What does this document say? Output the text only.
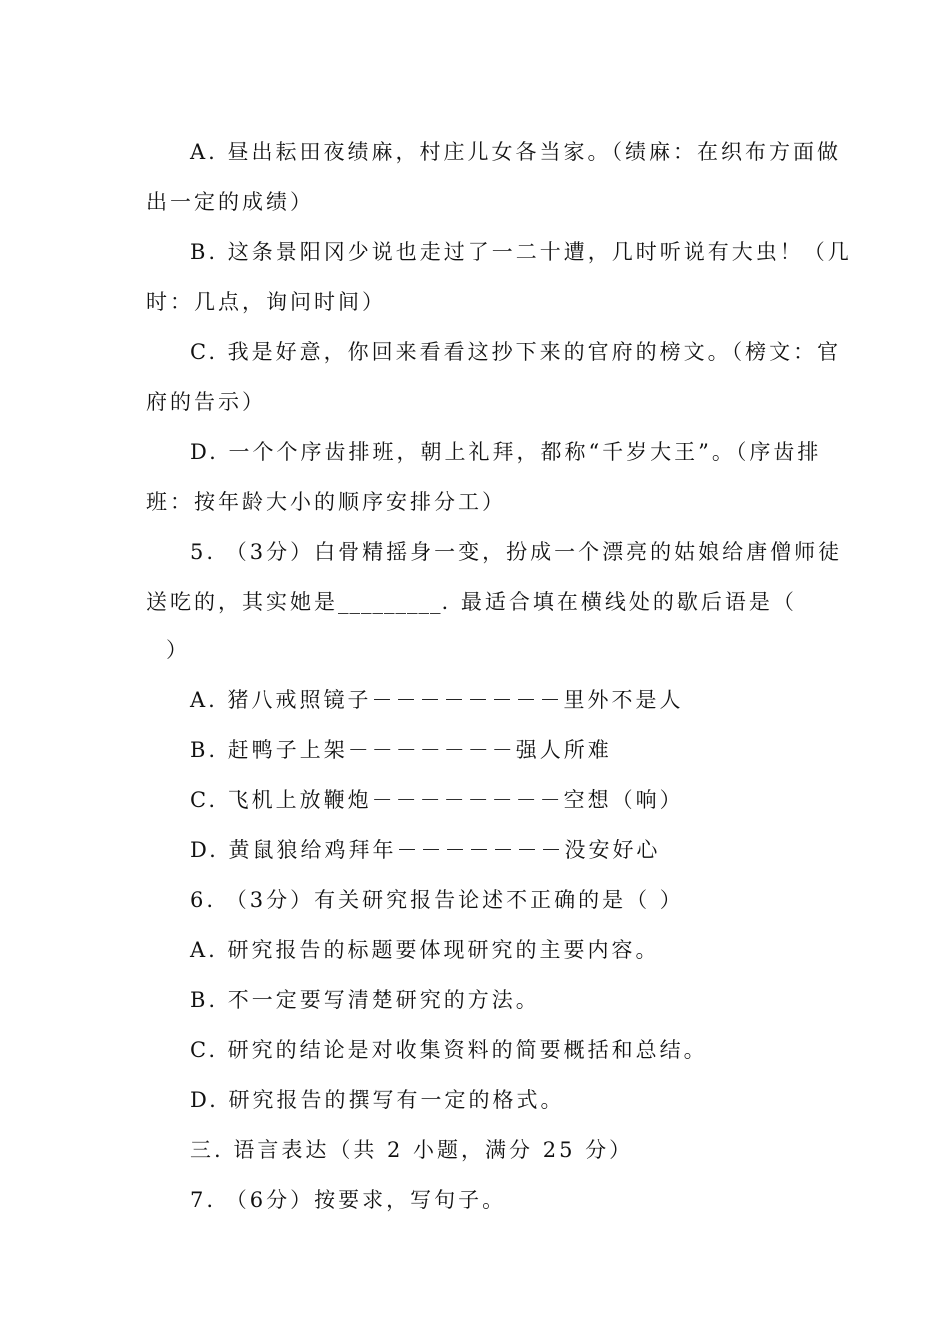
A. 昼出耘田夜绩麻，村庄儿女各当家。（绩麻：在织布方面做
出一定的成绩）
B. 这条景阳冈少说也走过了一二十遭，几时听说有大虫！（几
时：几点，询问时间）
C. 我是好意，你回来看看这抄下来的官府的榜文。（榜文：官
府的告示）
D. 一个个序齿排班，朝上礼拜，都称“千岁大王”。（序齿排
班：按年龄大小的顺序安排分工）
5. （3分）白骨精摇身一变，扮成一个漂亮的姑娘给唐僧师徒
送吃的，其实她是_________. 最适合填在横线处的歇后语是（
）
A. 猪八戒照镜子－－－－－－－－里外不是人
B. 赶鸭子上架－－－－－－－强人所难
C. 飞机上放鞭炮－－－－－－－－空想（响）
D. 黄鼠狼给鸡拜年－－－－－－－没安好心
6. （3分）有关研究报告论述不正确的是（ ）
A. 研究报告的标题要体现研究的主要内容。
B. 不一定要写清楚研究的方法。
C. 研究的结论是对收集资料的简要概括和总结。
D. 研究报告的撰写有一定的格式。
三. 语言表达（共 2 小题，满分 25 分）
7. （6分）按要求，写句子。
